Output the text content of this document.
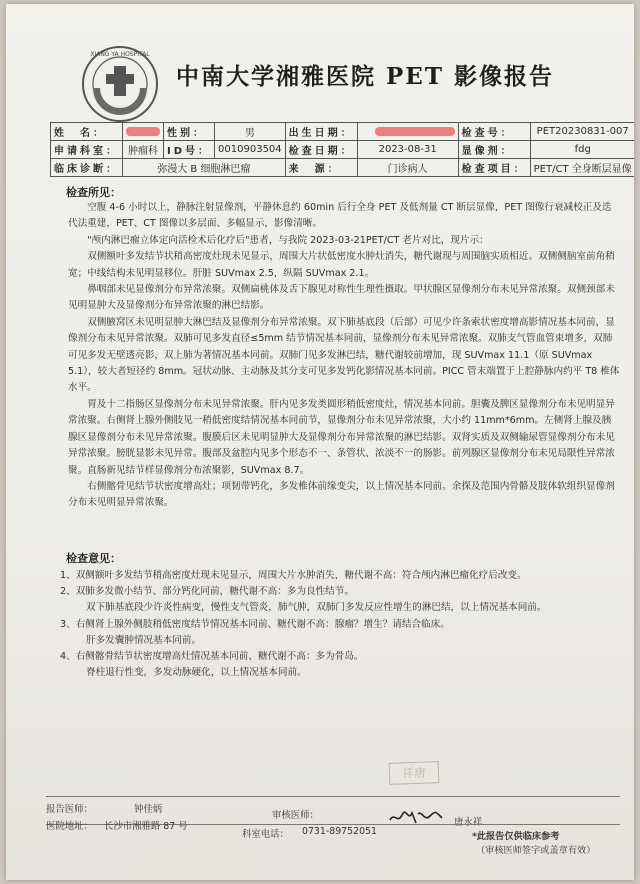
XIANG YA HOSPITAL
中南大学湘雅医院 PET 影像报告
姓　名：		性别：	男	出生日期：		检查号：	PET20230831-007
申请科室：	肿瘤科	ID号：	0010903504	检查日期：	2023-08-31	显像剂：	fdg
临床诊断：	弥漫大 B 细胞淋巴瘤			来　源：	门诊病人	检查项目：	PET/CT 全身断层显像
检查所见：

空腹 4-6 小时以上，静脉注射显像剂，平静休息约 60min 后行全身 PET 及低剂量 CT 断层显像，PET 图像行衰减校正及迭代法重建，PET、CT 图像以多层面、多幅显示，影像清晰。

"颅内淋巴瘤立体定向活检术后化疗后"患者，与我院 2023-03-21PET/CT 老片对比，现片示：

双侧额叶多发结节状稍高密度灶现未见显示，周围大片状低密度水肿灶消失，糖代谢现与周围脑实质相近。双侧侧脑室前角稍宽；中线结构未见明显移位。肝脏 SUVmax 2.5，纵隔 SUVmax 2.1。

鼻咽部未见显像剂分布异常浓聚。双侧扁桃体及舌下腺见对称性生理性摄取。甲状腺区显像剂分布未见异常浓聚。双侧颈部未见明显肿大及显像剂分布异常浓聚的淋巴结影。

双侧腋窝区未见明显肿大淋巴结及显像剂分布异常浓聚。双下肺基底段（后部）可见少许条索状密度增高影情况基本同前，显像剂分布未见异常浓聚。双肺可见多发直径≤5mm 结节情况基本同前，显像剂分布未见异常浓聚。双肺支气管血管束增多，双肺可见多发无壁透亮影，双上肺为著情况基本同前。双肺门见多发淋巴结，糖代谢较前增加，现 SUVmax 11.1（原 SUVmax 5.1），较大者短径约 8mm。冠状动脉、主动脉及其分支可见多发钙化影情况基本同前。PICC 管末端置于上腔静脉内约平 T8 椎体水平。

胃及十二指肠区显像剂分布未见异常浓聚。肝内见多发类圆形稍低密度灶，情况基本同前。胆囊及脾区显像剂分布未见明显异常浓聚。右侧肾上腺外侧肢见一稍低密度结情况基本同前节，显像剂分布未见异常浓聚，大小约 11mm*6mm。左侧肾上腺及胰腺区显像剂分布未见异常浓聚。腹膜后区未见明显肿大及显像剂分布异常浓聚的淋巴结影。双肾实质及双侧输尿管显像剂分布未见异常浓聚。膀胱显影未见异常。腹部及盆腔内见多个形态不一、条管状、浓淡不一的肠影。前列腺区显像剂分布未见局限性异常浓聚。直肠新见结节样显像剂分布浓聚影，SUVmax 8.7。

右侧髂骨见结节状密度增高灶；项韧带钙化，多发椎体前缘变尖，以上情况基本同前。余探及范围内骨骼及肢体软组织显像剂分布未见明显异常浓聚。

检查意见：

1、双侧额叶多发结节稍高密度灶现未见显示，周围大片水肿消失，糖代谢不高：符合颅内淋巴瘤化疗后改变。

2、双肺多发微小结节、部分钙化同前，糖代谢不高：多为良性结节。

双下肺基底段少许炎性病变，慢性支气管炎，肺气肿，双肺门多发反应性增生的淋巴结，以上情况基本同前。

3、右侧肾上腺外侧肢稍低密度结节情况基本同前、糖代谢不高：腺瘤？增生？请结合临床。

肝多发囊肿情况基本同前。

4、右侧髂骨结节状密度增高灶情况基本同前、糖代谢不高：多为骨岛。

脊柱退行性变，多发动脉硬化，以上情况基本同前。

祥唐
报告医师：	钟佳炳
审核医师：
唐永祥
医院地址： 长沙市湘雅路 87 号
科室电话： 0731-89752051	*此报告仅供临床参考
（审核医师签字或盖章有效）
